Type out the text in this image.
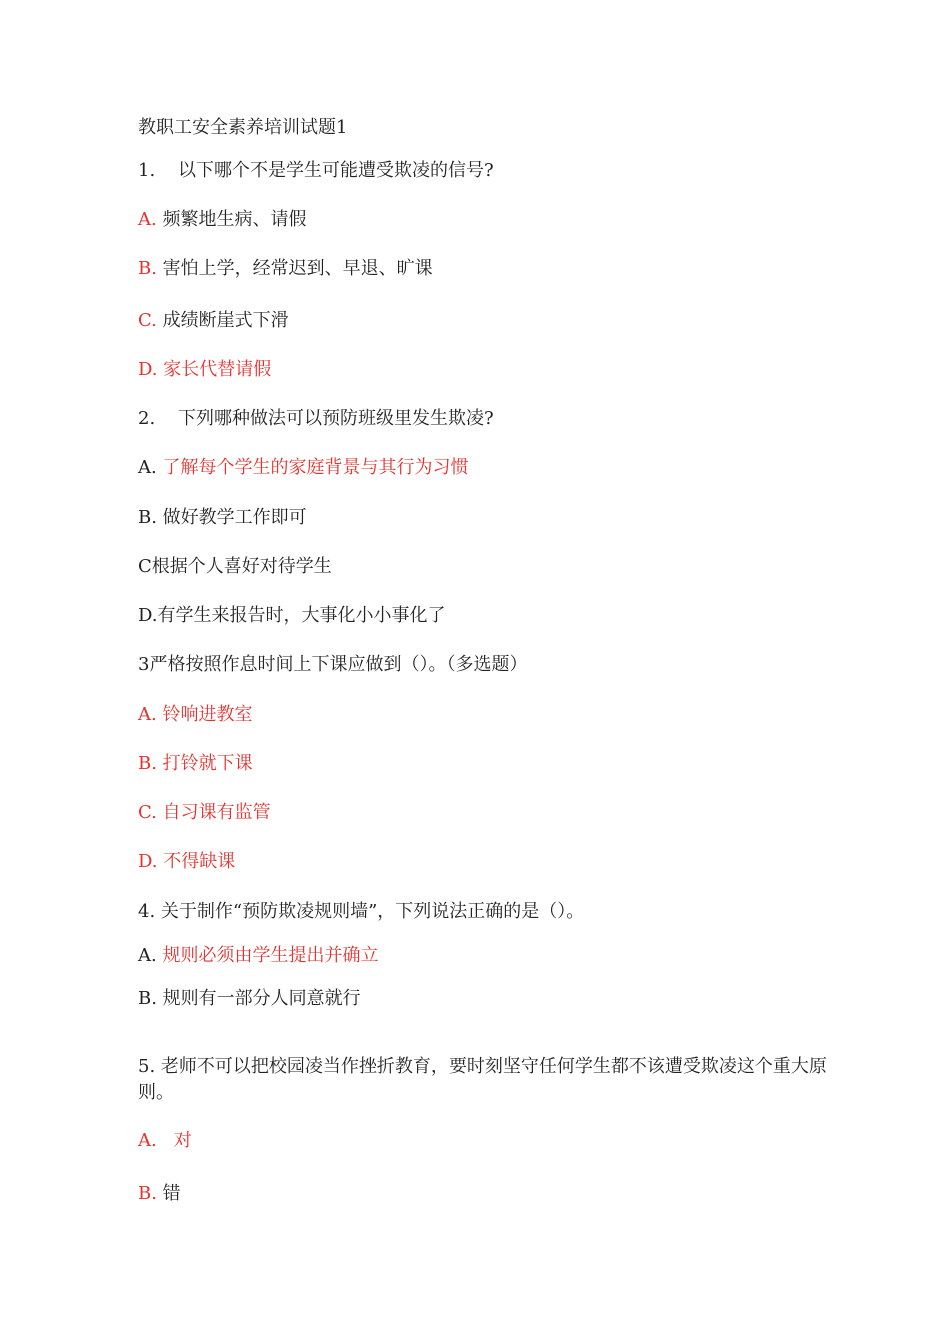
教职工安全素养培训试题1
1.    以下哪个不是学生可能遭受欺凌的信号?
A. 频繁地生病、请假
B. 害怕上学，经常迟到、早退、旷课
C. 成绩断崖式下滑
D. 家长代替请假
2.    下列哪种做法可以预防班级里发生欺凌?
A. 了解每个学生的家庭背景与其行为习惯
B. 做好教学工作即可
C根据个人喜好对待学生
D.有学生来报告时，大事化小小事化了
3严格按照作息时间上下课应做到（）。（多选题）
A. 铃响进教室
B. 打铃就下课
C. 自习课有监管
D. 不得缺课
4. 关于制作“预防欺凌规则墙”，下列说法正确的是（）。
A. 规则必须由学生提出并确立
B. 规则有一部分人同意就行
5. 老师不可以把校园凌当作挫折教育，要时刻坚守任何学生都不该遭受欺凌这个重大原则。
A.   对
B. 错
